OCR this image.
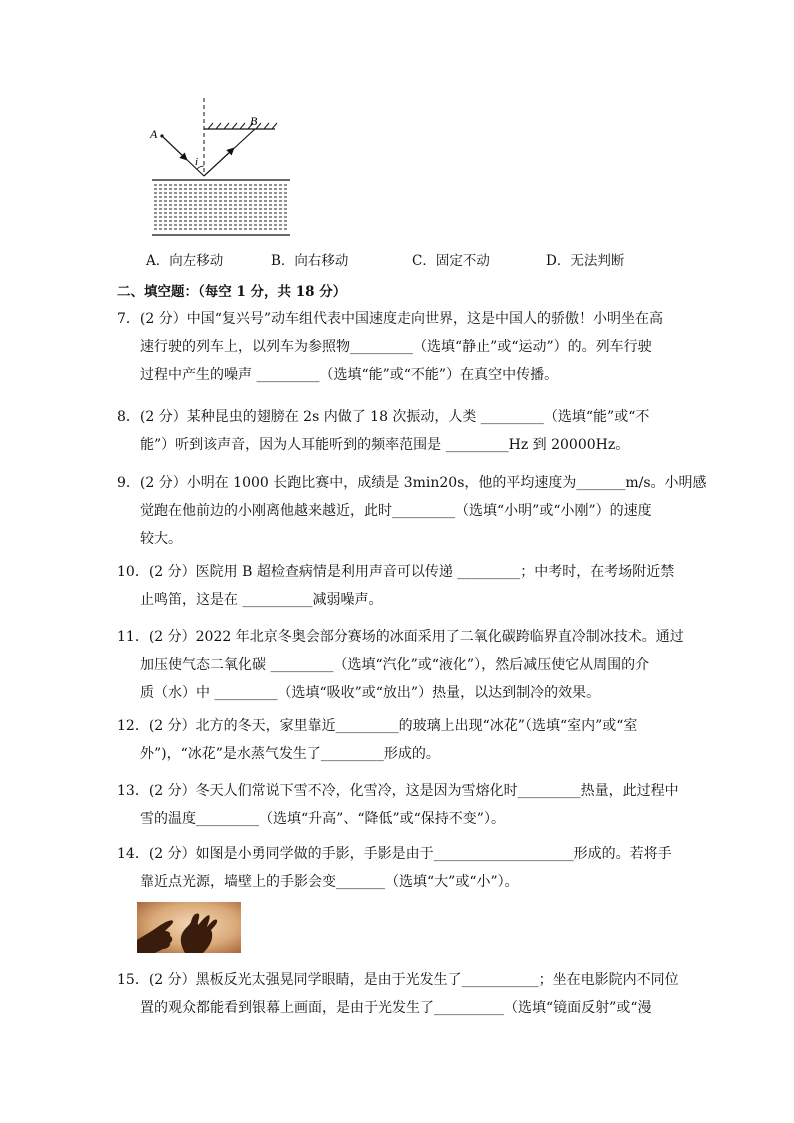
A
B
i
A．向左移动	B．向右移动	C．固定不动	D．无法判断
二、填空题：（每空 1 分，共 18 分）

7．(2 分）中国“复兴号”动车组代表中国速度走向世界，这是中国人的骄傲！小明坐在高

速行驶的列车上，以列车为参照物_________（选填“静止”或“运动”）的。列车行驶

过程中产生的噪声 _________（选填“能”或“不能”）在真空中传播。

8．(2 分）某种昆虫的翅膀在 2s 内做了 18 次振动，人类 _________（选填“能”或“不

能”）听到该声音，因为人耳能听到的频率范围是 _________Hz 到 20000Hz。

9．(2 分）小明在 1000 长跑比赛中，成绩是 3min20s，他的平均速度为_______m/s。小明感

觉跑在他前边的小刚离他越来越近，此时_________（选填“小明”或“小刚”）的速度

较大。

10．(2 分）医院用 B 超检查病情是利用声音可以传递 _________；中考时，在考场附近禁

止鸣笛，这是在 __________减弱噪声。

11．(2 分）2022 年北京冬奥会部分赛场的冰面采用了二氧化碳跨临界直冷制冰技术。通过

加压使气态二氧化碳 _________（选填“汽化”或“液化”），然后减压使它从周围的介

质（水）中 _________（选填“吸收”或“放出”）热量，以达到制冷的效果。

12．(2 分）北方的冬天，家里靠近_________的玻璃上出现“冰花”（选填“室内”或“室

外”)，“冰花”是水蒸气发生了_________形成的。

13．(2 分）冬天人们常说下雪不冷，化雪冷，这是因为雪熔化时_________热量，此过程中

雪的温度_________（选填“升高”、“降低”或“保持不变”）。

14．(2 分）如图是小勇同学做的手影，手影是由于____________________形成的。若将手

靠近点光源，墙壁上的手影会变_______（选填“大”或“小”）。

15．(2 分）黑板反光太强晃同学眼睛，是由于光发生了___________；坐在电影院内不同位

置的观众都能看到银幕上画面，是由于光发生了__________（选填“镜面反射”或“漫
